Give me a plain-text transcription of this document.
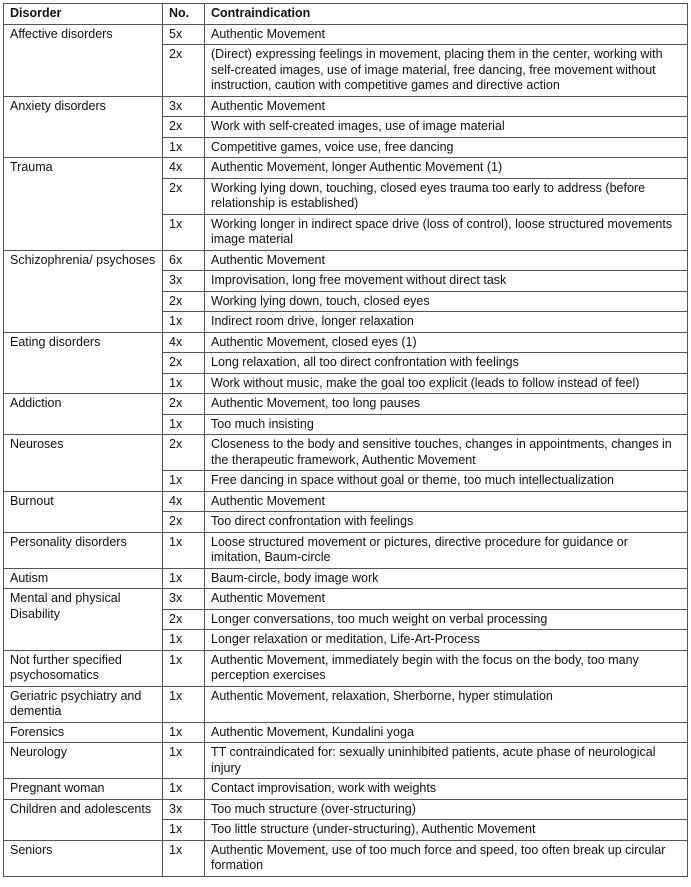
Disorder	No.	Contraindication
Affective disorders	5x	Authentic Movement
	2x	(Direct) expressing feelings in movement, placing them in the center, working with self-created images, use of image material, free dancing, free movement without instruction, caution with competitive games and directive action
Anxiety disorders	3x	Authentic Movement
	2x	Work with self-created images, use of image material
	1x	Competitive games, voice use, free dancing
Trauma	4x	Authentic Movement, longer Authentic Movement (1)
	2x	Working lying down, touching, closed eyes trauma too early to address (before relationship is established)
	1x	Working longer in indirect space drive (loss of control), loose structured movements image material
Schizophrenia/ psychoses	6x	Authentic Movement
	3x	Improvisation, long free movement without direct task
	2x	Working lying down, touch, closed eyes
	1x	Indirect room drive, longer relaxation
Eating disorders	4x	Authentic Movement, closed eyes (1)
	2x	Long relaxation, all too direct confrontation with feelings
	1x	Work without music, make the goal too explicit (leads to follow instead of feel)
Addiction	2x	Authentic Movement, too long pauses
	1x	Too much insisting
Neuroses	2x	Closeness to the body and sensitive touches, changes in appointments, changes in the therapeutic framework, Authentic Movement
	1x	Free dancing in space without goal or theme, too much intellectualization
Burnout	4x	Authentic Movement
	2x	Too direct confrontation with feelings
Personality disorders	1x	Loose structured movement or pictures, directive procedure for guidance or imitation, Baum-circle
Autism	1x	Baum-circle, body image work
Mental and physical Disability	3x	Authentic Movement
	2x	Longer conversations, too much weight on verbal processing
	1x	Longer relaxation or meditation, Life-Art-Process
Not further specified psychosomatics	1x	Authentic Movement, immediately begin with the focus on the body, too many perception exercises
Geriatric psychiatry and dementia	1x	Authentic Movement, relaxation, Sherborne, hyper stimulation
Forensics	1x	Authentic Movement, Kundalini yoga
Neurology	1x	TT contraindicated for: sexually uninhibited patients, acute phase of neurological injury
Pregnant woman	1x	Contact improvisation, work with weights
Children and adolescents	3x	Too much structure (over-structuring)
	1x	Too little structure (under-structuring), Authentic Movement
Seniors	1x	Authentic Movement, use of too much force and speed, too often break up circular formation
